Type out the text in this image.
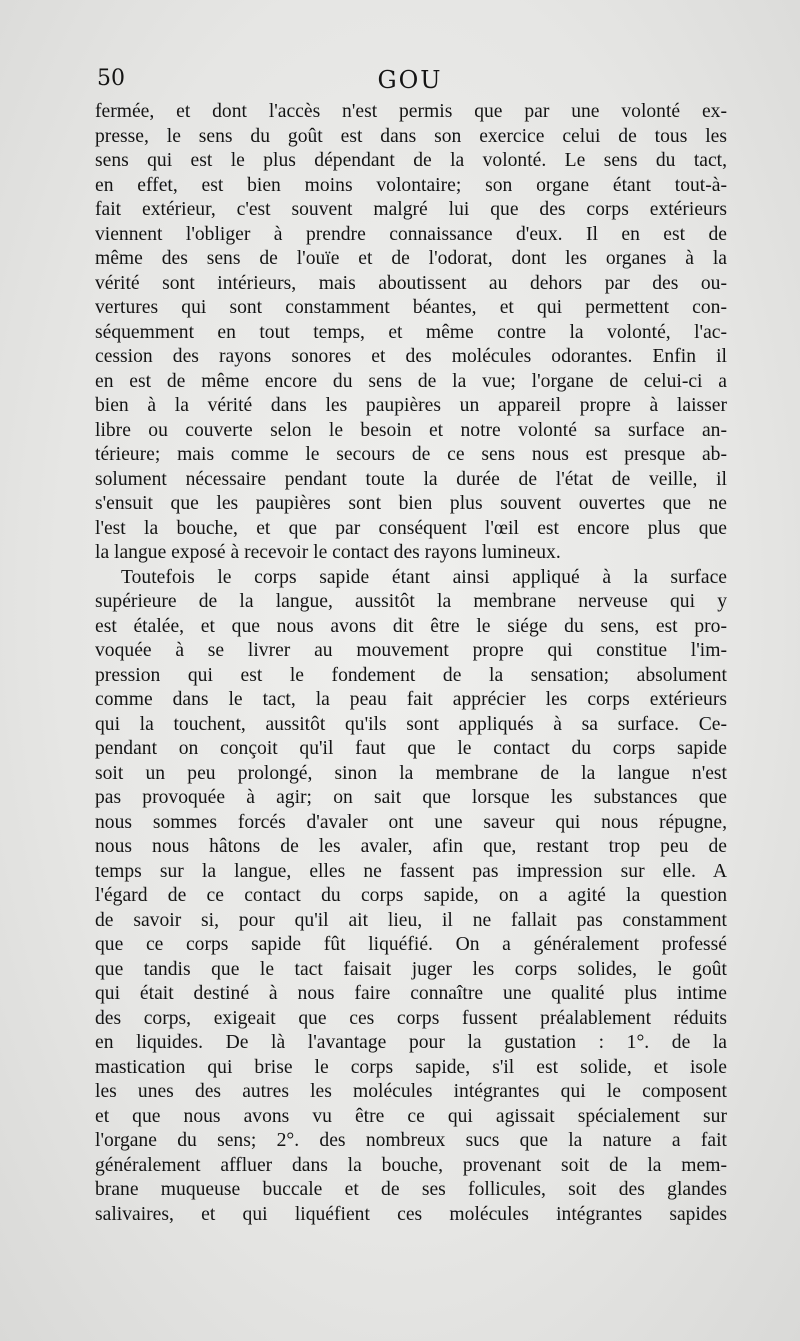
50	GOU
fermée, et dont l'accès n'est permis que par une volonté ex-
presse, le sens du goût est dans son exercice celui de tous les
sens qui est le plus dépendant de la volonté. Le sens du tact,
en effet, est bien moins volontaire; son organe étant tout-à-
fait extérieur, c'est souvent malgré lui que des corps extérieurs
viennent l'obliger à prendre connaissance d'eux. Il en est de
même des sens de l'ouïe et de l'odorat, dont les organes à la
vérité sont intérieurs, mais aboutissent au dehors par des ou-
vertures qui sont constamment béantes, et qui permettent con-
séquemment en tout temps, et même contre la volonté, l'ac-
cession des rayons sonores et des molécules odorantes. Enfin il
en est de même encore du sens de la vue; l'organe de celui-ci a
bien à la vérité dans les paupières un appareil propre à laisser
libre ou couverte selon le besoin et notre volonté sa surface an-
térieure; mais comme le secours de ce sens nous est presque ab-
solument nécessaire pendant toute la durée de l'état de veille, il
s'ensuit que les paupières sont bien plus souvent ouvertes que ne
l'est la bouche, et que par conséquent l'œil est encore plus que
la langue exposé à recevoir le contact des rayons lumineux.
Toutefois le corps sapide étant ainsi appliqué à la surface
supérieure de la langue, aussitôt la membrane nerveuse qui y
est étalée, et que nous avons dit être le siége du sens, est pro-
voquée à se livrer au mouvement propre qui constitue l'im-
pression qui est le fondement de la sensation; absolument
comme dans le tact, la peau fait apprécier les corps extérieurs
qui la touchent, aussitôt qu'ils sont appliqués à sa surface. Ce-
pendant on conçoit qu'il faut que le contact du corps sapide
soit un peu prolongé, sinon la membrane de la langue n'est
pas provoquée à agir; on sait que lorsque les substances que
nous sommes forcés d'avaler ont une saveur qui nous répugne,
nous nous hâtons de les avaler, afin que, restant trop peu de
temps sur la langue, elles ne fassent pas impression sur elle. A
l'égard de ce contact du corps sapide, on a agité la question
de savoir si, pour qu'il ait lieu, il ne fallait pas constamment
que ce corps sapide fût liquéfié. On a généralement professé
que tandis que le tact faisait juger les corps solides, le goût
qui était destiné à nous faire connaître une qualité plus intime
des corps, exigeait que ces corps fussent préalablement réduits
en liquides. De là l'avantage pour la gustation : 1°. de la
mastication qui brise le corps sapide, s'il est solide, et isole
les unes des autres les molécules intégrantes qui le composent
et que nous avons vu être ce qui agissait spécialement sur
l'organe du sens; 2°. des nombreux sucs que la nature a fait
généralement affluer dans la bouche, provenant soit de la mem-
brane muqueuse buccale et de ses follicules, soit des glandes
salivaires, et qui liquéfient ces molécules intégrantes sapides
